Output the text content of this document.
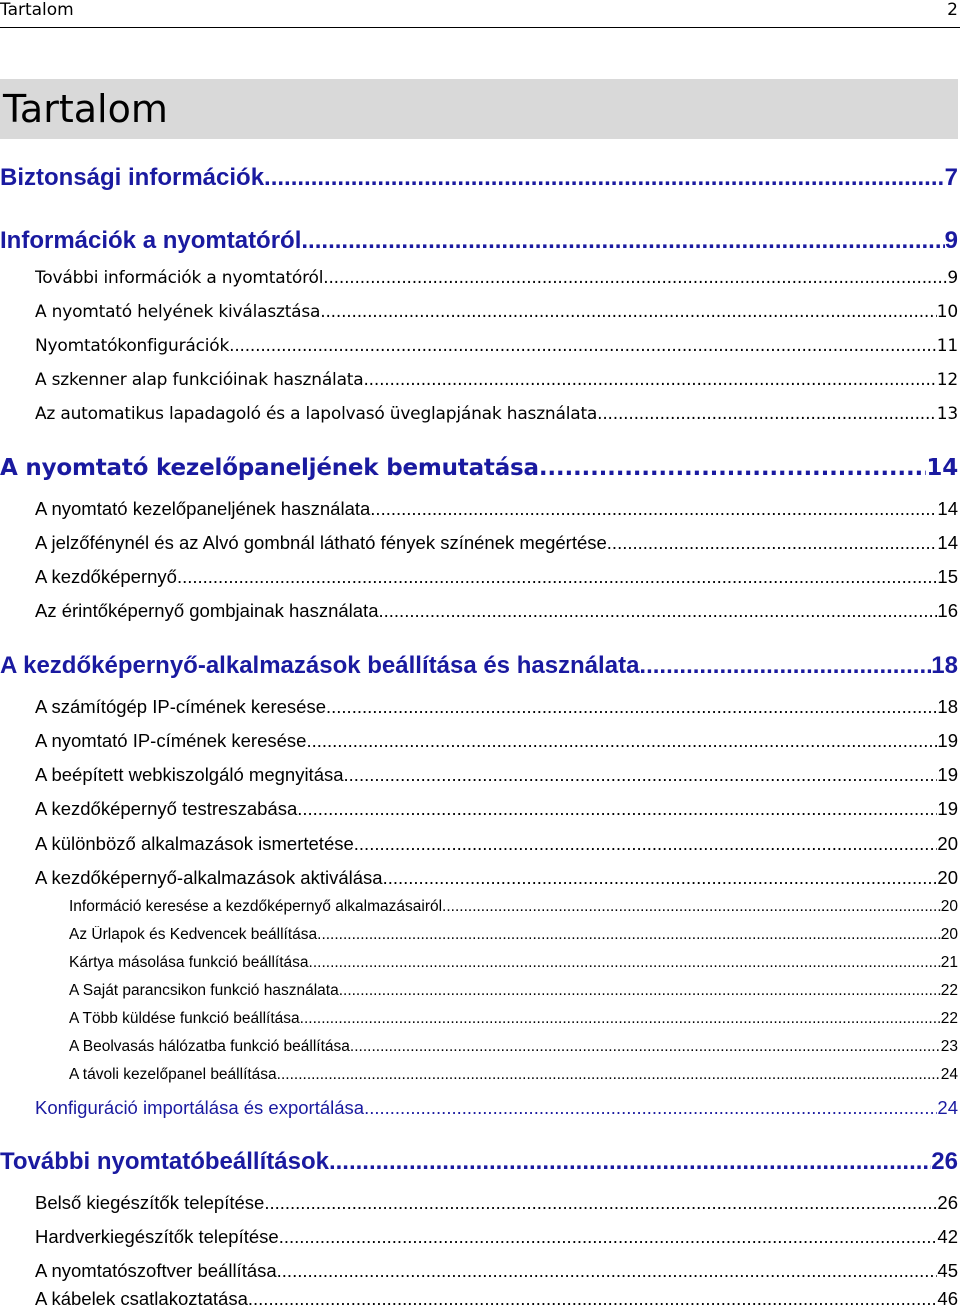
Tartalom	2
Tartalom
Biztonsági információk .....	7
Információk a nyomtatóról .....	9
További információk a nyomtatóról .....	9
A nyomtató helyének kiválasztása .....	10
Nyomtatókonfigurációk .....	11
A szkenner alap funkcióinak használata .....	12
Az automatikus lapadagoló és a lapolvasó üveglapjának használata .....	13
A nyomtató kezelőpaneljének bemutatása .....	14
A nyomtató kezelőpaneljének használata .....	14
A jelzőfénynél és az Alvó gombnál látható fények színének megértése .....	14
A kezdőképernyő .....	15
Az érintőképernyő gombjainak használata .....	16
A kezdőképernyő-alkalmazások beállítása és használata .....	18
A számítógép IP-címének keresése .....	18
A nyomtató IP-címének keresése .....	19
A beépített webkiszolgáló megnyitása .....	19
A kezdőképernyő testreszabása .....	19
A különböző alkalmazások ismertetése .....	20
A kezdőképernyő-alkalmazások aktiválása .....	20
Információ keresése a kezdőképernyő alkalmazásairól .....	20
Az Űrlapok és Kedvencek beállítása .....	20
Kártya másolása funkció beállítása .....	21
A Saját parancsikon funkció használata .....	22
A Több küldése funkció beállítása .....	22
A Beolvasás hálózatba funkció beállítása .....	23
A távoli kezelőpanel beállítása .....	24
Konfiguráció importálása és exportálása .....	24
További nyomtatóbeállítások .....	26
Belső kiegészítők telepítése .....	26
Hardverkiegészítők telepítése .....	42
A nyomtatószoftver beállítása .....	45
A kábelek csatlakoztatása .....	46
